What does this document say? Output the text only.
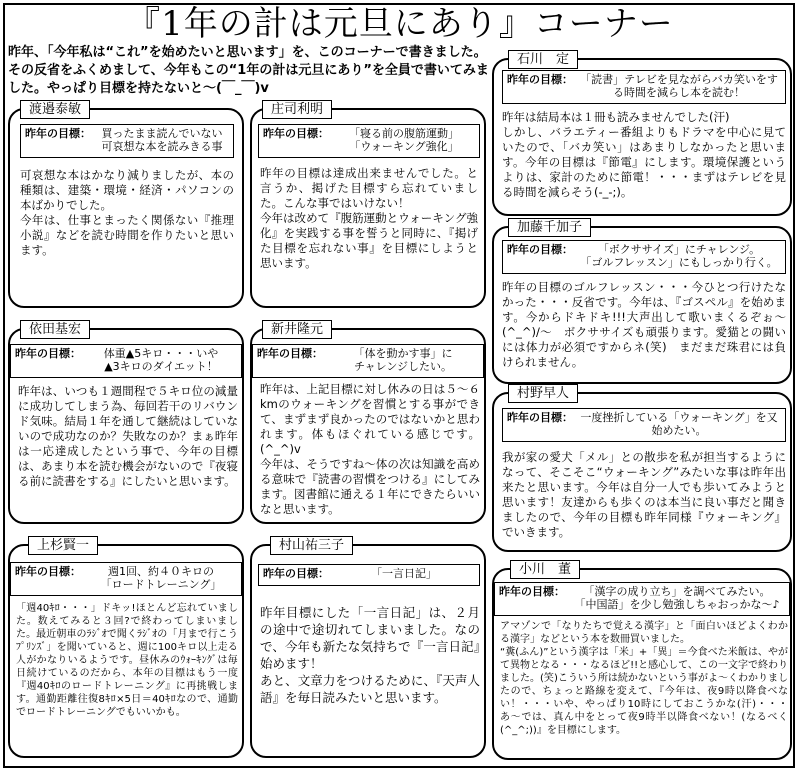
『1年の計は元旦にあり』コーナー
昨年、「今年私は“これ”を始めたいと思います」を、このコーナーで書きました。その反省をふくめまして、今年もこの“1年の計は元旦にあり”を全員で書いてみました。やっぱり目標を持たないと〜(￣_￣)v
昨年の目標： 買ったまま読んでいない
可哀想な本を読みきる事
可哀想な本はかなり減りましたが、本の種類は、建築・環境・経済・パソコンの本ばかりでした。
今年は、仕事とまったく関係ない『推理小説』などを読む時間を作りたいと思います。
渡邉泰敏
昨年の目標：	「寝る前の腹筋運動」
「ウォーキング強化」
昨年の目標は達成出来ませんでした。と言うか、掲げた目標すら忘れていました。こんな事ではいけない！
今年は改めて『腹筋運動とウォーキング強化』を実践する事を誓うと同時に、『掲げた目標を忘れない事』を目標にしようと思います。
庄司利明
昨年の目標： 「読書」テレビを見ながらバカ笑いをする時間を減らし本を読む！
昨年は結局本は１冊も読みませんでした(汗)
しかし、バラエティー番組よりもドラマを中心に見ていたので、「バカ笑い」はあまりしなかったと思います。今年の目標は『節電』にします。環境保護というよりは、家計のために節電！・・・まずはテレビを見る時間を減らそう(-_-;)。
石川　定
昨年の目標：	「ボクササイズ」にチャレンジ。
「ゴルフレッスン」にもしっかり行く。
昨年の目標のゴルフレッスン・・・今ひとつ行けたなかった・・・反省です。今年は、『ゴスペル』を始めます。今からドキドキ!!!大声出して歌いまくるぞぉ〜(^_^)/〜　ボクササイズも頑張ります。愛猫との闘いには体力が必須ですからネ(笑)　まだまだ珠君には負けられません。
加藤千加子
昨年の目標：	体重▲5キロ・・・いや
▲3キロのダイエット！
昨年は、いつも１週間程で５キロ位の減量に成功してしまう為、毎回若干のリバウンド気味。結局１年を通して継続はしていないので成功なのか？失敗なのか？まぁ昨年は一応達成したという事で、今年の目標は、あまり本を読む機会がないので『夜寝る前に読書をする』にしたいと思います。
依田基宏
昨年の目標：	「体を動かす事」に
チャレンジしたい。
昨年は、上記目標に対し休みの日は５〜６kmのウォーキングを習慣とする事ができて、まずまず良かったのではないかと思われます。体もほぐれている感じです。(^_^)v
今年は、そうですね〜体の次は知識を高める意味で『読書の習慣をつける』にしてみます。図書館に通える１年にできたらいいなと思います。
新井隆元
昨年の目標： 一度挫折している「ウォーキング」を又始めたい。
我が家の愛犬「メル」との散歩を私が担当するようになって、そこそこ“ウォーキング”みたいな事は昨年出来たと思います。今年は自分一人でも歩いてみようと思います！友達からも歩くのは本当に良い事だと聞きましたので、今年の目標も昨年同様『ウォーキング』でいきます。
村野早人
昨年の目標：	週1回、約４０キロの
「ロードトレーニング」
「週40ｷﾛ・・・」ドキッ!ほとんど忘れていました。数えてみると３回?で終わってしまいました。最近朝車のﾗｼﾞｵで聞くﾗｼﾞｵの「月まで行こうﾌﾟﾘﾝｽﾞ」を聞いていると、週に100キロ以上走る人がかなりいるようです。昼休みのｳｫｰｷﾝｸﾞは毎日続けているのだから、本年の目標はもう一度『週40ｷﾛのロードトレーニング』に再挑戦します。通勤距離往復8ｷﾛ×5日＝40ｷﾛなので、通勤でロードトレーニングでもいいかも。
上杉賢一
昨年の目標：	「一言日記」
昨年目標にした「一言日記」は、２月の途中で途切れてしまいました。なので、今年も新たな気持ちで『一言日記』始めます！
あと、文章力をつけるために、『天声人語』を毎日読みたいと思います。
村山祐三子
昨年の目標：	「漢字の成り立ち」を調べてみたい。
「中国語」を少し勉強しちゃおっかな〜♪
アマゾンで「なりたちで覚える漢字」と「面白いほどよくわかる漢字」などという本を数冊買いました。
“糞(ふん)”という漢字は「米」+「異」＝今食べた米飯は、やがて異物となる・・・なるほど!!と感心して、この一文字で終わりました。(笑)こういう所は続かないという事がよ〜くわかりましたので、ちょっと路線を変えて、『今年は、夜9時以降食べない！・・・いや、やっぱり10時にしておこうかな(汗)・・・あ〜では、真ん中をとって夜9時半以降食べない！(なるべく(^_^;))』を目標にします。
小川　董
